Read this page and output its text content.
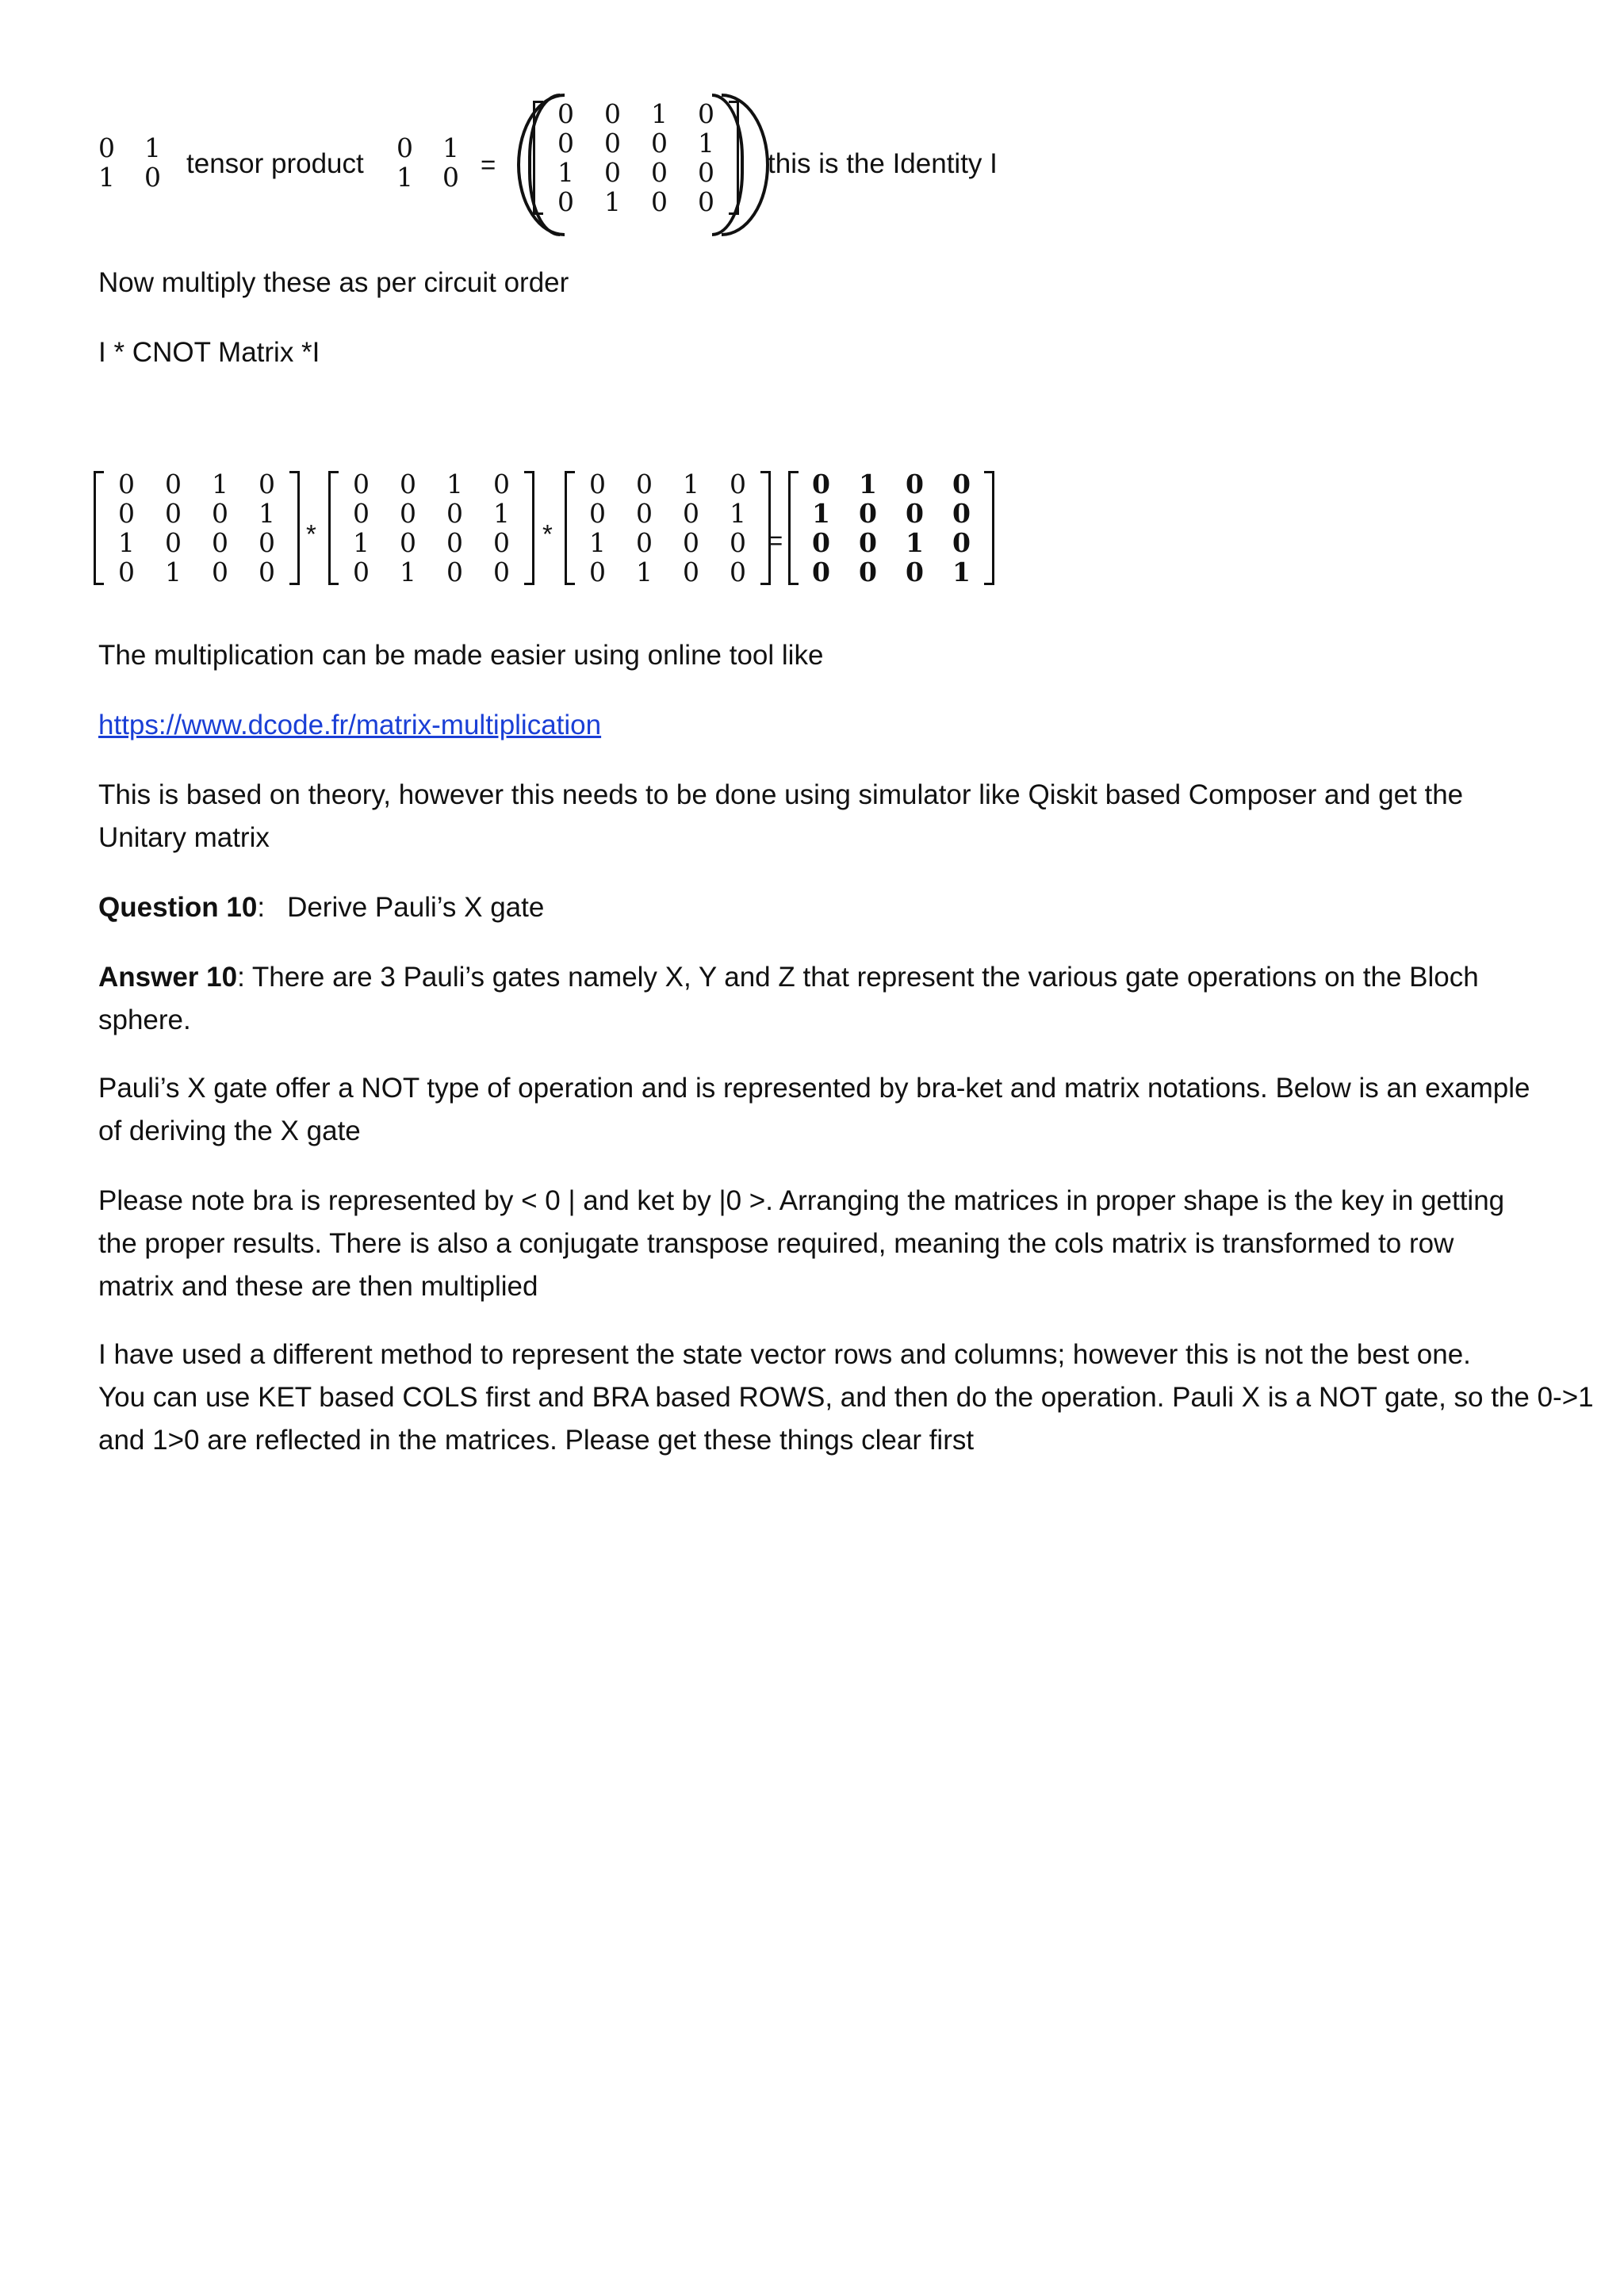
0	1
1	0 tensor product
0	1
1	0 =
0	0	1	0
0	0	0	1
1	0	0	0
0	1	0	0
this is the Identity I
Now multiply these as per circuit order
I * CNOT Matrix *I
0	0	1	0
0	0	0	1
1	0	0	0
0	1	0	0
*
0	0	1	0
0	0	0	1
1	0	0	0
0	1	0	0
*
0	0	1	0
0	0	0	1
1	0	0	0
0	1	0	0
=
0	1	0	0
1	0	0	0
0	0	1	0
0	0	0	1
The multiplication can be made easier using online tool like
https://www.dcode.fr/matrix-multiplication
This is based on theory, however this needs to be done using simulator like Qiskit based Composer and get the
Unitary matrix
Question 10: Derive Pauli’s X gate
Answer 10: There are 3 Pauli’s gates namely X, Y and Z that represent the various gate operations on the Bloch
sphere.
Pauli’s X gate offer a NOT type of operation and is represented by bra-ket and matrix notations. Below is an example
of deriving the X gate
Please note bra is represented by < 0 | and ket by |0 >. Arranging the matrices in proper shape is the key in getting
the proper results. There is also a conjugate transpose required, meaning the cols matrix is transformed to row
matrix and these are then multiplied
I have used a different method to represent the state vector rows and columns; however this is not the best one.
You can use KET based COLS first and BRA based ROWS, and then do the operation. Pauli X is a NOT gate, so the 0->1
and 1>0 are reflected in the matrices. Please get these things clear first
